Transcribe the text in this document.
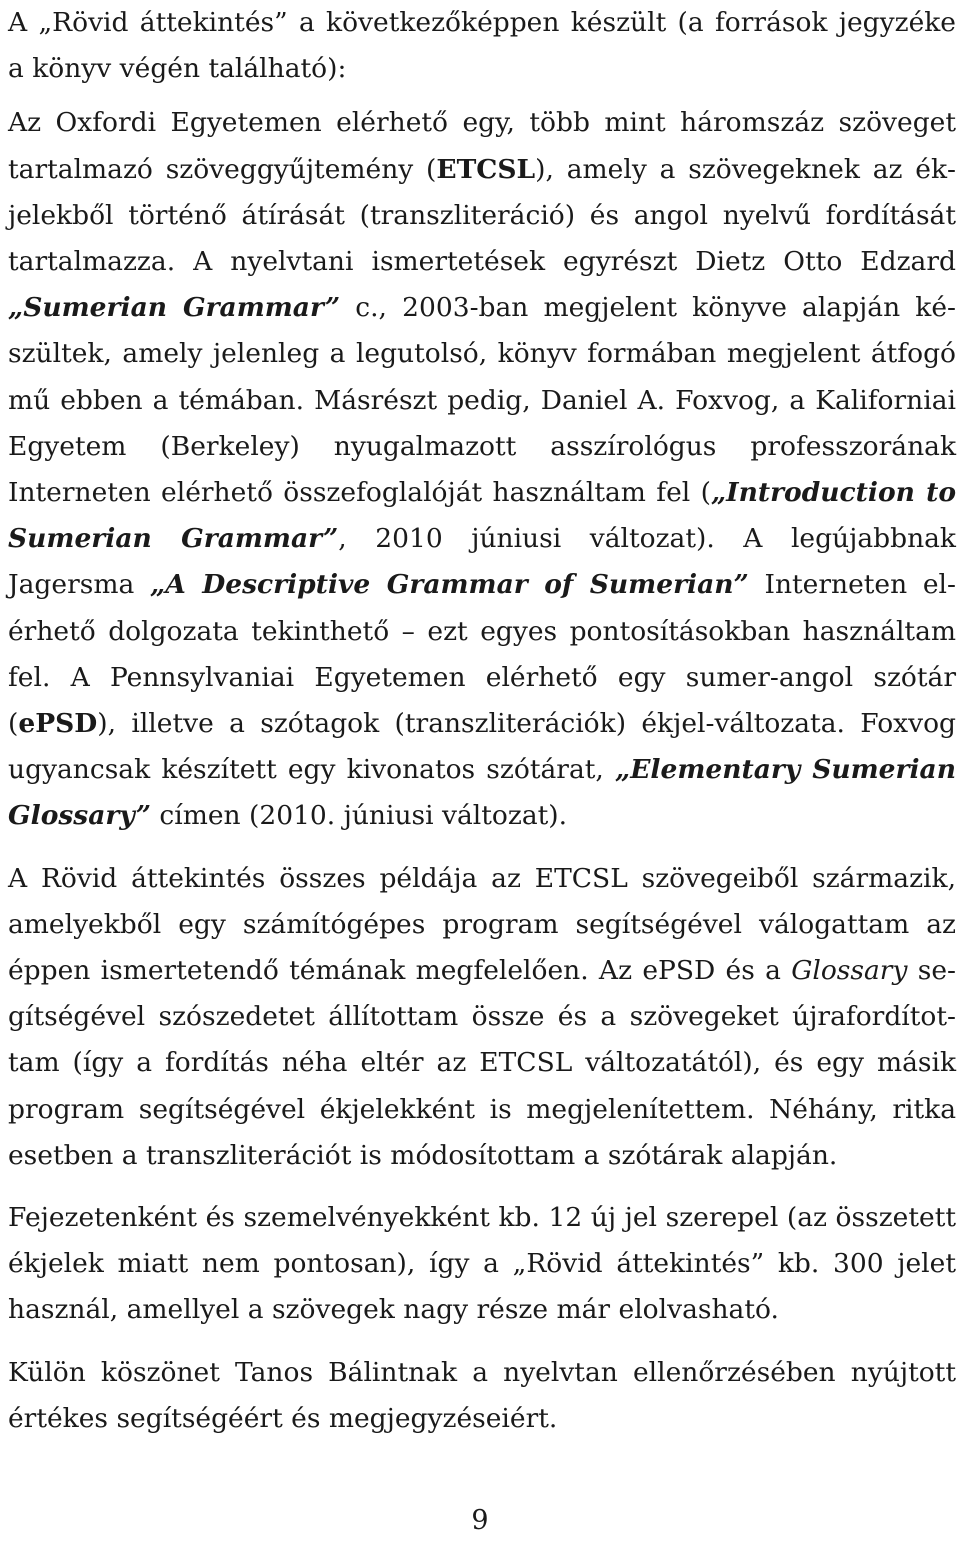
A „Rövid áttekintés” a következőképpen készült (a források jegyzéke a könyv végén található):

Az Oxfordi Egyetemen elérhető egy, több mint háromszáz szöveget tartalmazó szöveggyűjtemény (ETCSL), amely a szövegeknek az ékjelekből történő átírását (transzliteráció) és angol nyelvű fordítását tartalmazza. A nyelvtani ismertetések egyrészt Dietz Otto Edzard „Sumerian Grammar” c., 2003-ban megjelent könyve alapján készültek, amely jelenleg a legutolsó, könyv formában megjelent átfogó mű ebben a témában. Másrészt pedig, Daniel A. Foxvog, a Kaliforniai Egyetem (Berkeley) nyugalmazott asszírológus professzorának Interneten elérhető összefoglalóját használtam fel („Introduction to Sumerian Grammar”, 2010 júniusi változat). A legújabbnak Jagersma „A Descriptive Grammar of Sumerian” Interneten elérhető dolgozata tekinthető – ezt egyes pontosításokban használtam fel. A Pennsylvaniai Egyetemen elérhető egy sumer-angol szótár (ePSD), illetve a szótagok (transzliterációk) ékjel-változata. Foxvog ugyancsak készített egy kivonatos szótárat, „Elementary Sumerian Glossary” címen (2010. júniusi változat).

A Rövid áttekintés összes példája az ETCSL szövegeiből származik, amelyekből egy számítógépes program segítségével válogattam az éppen ismertetendő témának megfelelően. Az ePSD és a Glossary segítségével szószedetet állítottam össze és a szövegeket újrafordítottam (így a fordítás néha eltér az ETCSL változatától), és egy másik program segítségével ékjelekként is megjelenítettem. Néhány, ritka esetben a transzliterációt is módosítottam a szótárak alapján.

Fejezetenként és szemelvényekként kb. 12 új jel szerepel (az összetett ékjelek miatt nem pontosan), így a „Rövid áttekintés” kb. 300 jelet használ, amellyel a szövegek nagy része már elolvasható.

Külön köszönet Tanos Bálintnak a nyelvtan ellenőrzésében nyújtott értékes segítségéért és megjegyzéseiért.

9
